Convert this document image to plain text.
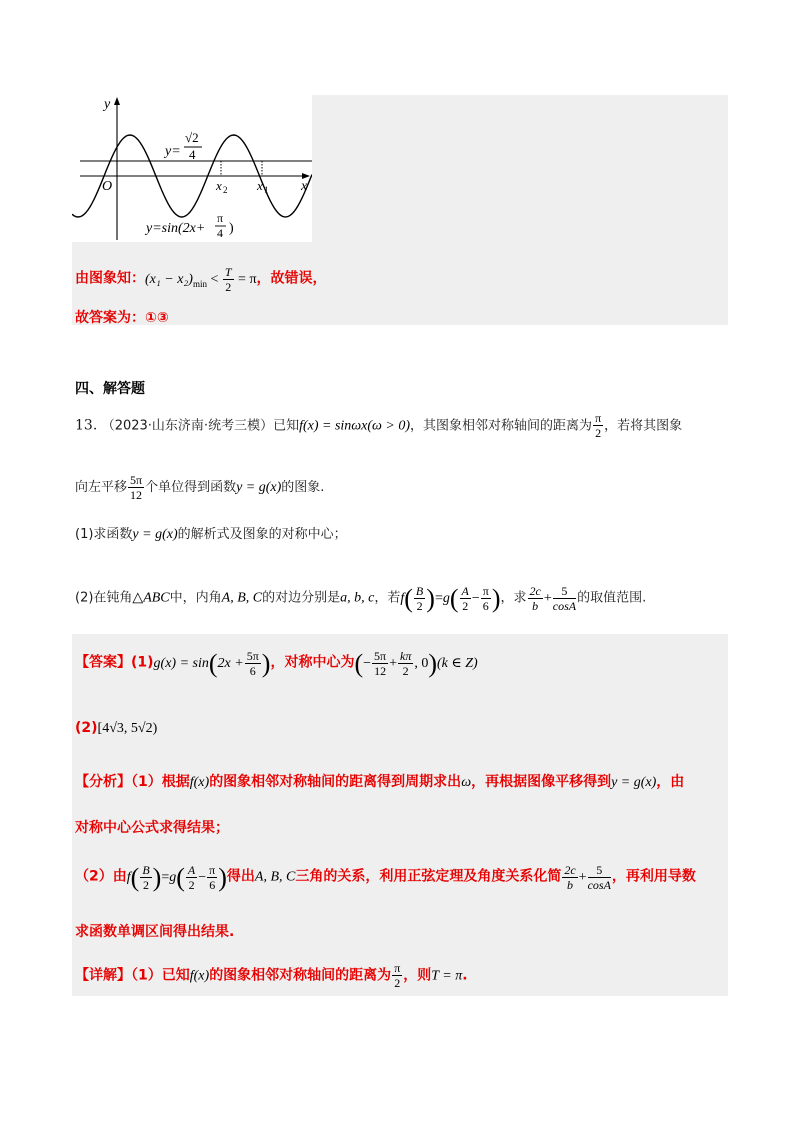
y
x
O	x 2 x 1
y=
√2
4
y=sin(2x+
π
4 )
由图象知：$(x_1 - x_2)_{min} < \frac{T}{2} = \pi$，故错误，
故答案为：①③
四、解答题
13. （2023·山东济南·统考三模）已知f(x) = sinωx(ω > 0)，其图象相邻对称轴间的距离为 $\frac{\pi}{2}$ ，若将其图象
向左平移 $\frac{5\pi}{12}$ 个单位得到函数y = g(x)的图象.
(1)求函数y = g(x)的解析式及图象的对称中心；
(2)在钝角△ABC中，内角A, B, C的对边分别是a, b, c，若$f( \frac{B}{2} )=g( \frac{A}{2} - \frac{\pi}{6}$ )，求 $\frac{2c}{b} + \frac{5}{\cos A}$ 的取值范围.
【答案】$(1)g(x) = \sin(2x + \frac{5\pi}{6}$ )，对称中心为(− $\frac{5\pi}{12} + \frac{k\pi}{2}$ , 0)(k ∈ Z)
(2)[4√3, 5√2)
【分析】（1）根据f(x)的图象相邻对称轴间的距离得到周期求出ω，再根据图像平移得到y = g(x)，由
对称中心公式求得结果；
（2）由$f( \frac{B}{2} )=g( \frac{A}{2} - \frac{\pi}{6}$ )得出A, B, C三角的关系，利用正弦定理及角度关系化简 $\frac{2c}{b} + \frac{5}{\cos A}$ ，再利用导数
求函数单调区间得出结果.
【详解】（1）已知f(x)的图象相邻对称轴间的距离为 $\frac{\pi}{2}$ ，则T = π.
